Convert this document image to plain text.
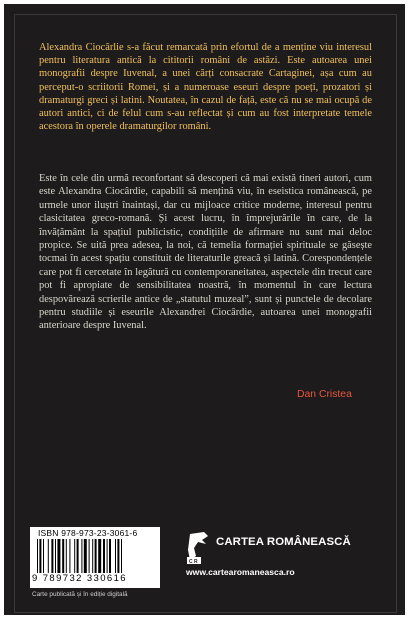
Alexandra Ciocârlie s-a făcut remarcată prin efortul de a menține viu interesul pentru literatura antică la cititorii români de astăzi. Este autoarea unei monografii despre Iuvenal, a unei cărți consacrate Cartaginei, așa cum au perceput-o scriitorii Romei, și a numeroase eseuri despre poeți, prozatori și dramaturgi greci și latini. Noutatea, în cazul de față, este că nu se mai ocupă de autori antici, ci de felul cum s-au reflectat și cum au fost interpretate temele acestora în operele dramaturgilor români.

Este în cele din urmă reconfortant să descoperi că mai există tineri autori, cum este Alexandra Ciocârdie, capabili să mențină viu, în eseistica românească, pe urmele unor iluștri înaintași, dar cu mijloace critice moderne, interesul pentru clasicitatea greco-romană. Și acest lucru, în împrejurările în care, de la învățământ la spațiul publicistic, condițiile de afirmare nu sunt mai deloc propice. Se uită prea adesea, la noi, că temelia formației spirituale se găsește tocmai în acest spațiu constituit de literaturile greacă și latină. Corespondențele care pot fi cercetate în legătură cu contemporaneitatea, aspectele din trecut care pot fi apropiate de sensibilitatea noastră, în momentul în care lectura despovărează scrierile antice de „statutul muzeal”, sunt și punctele de decolare pentru studiile și eseurile Alexandrei Ciocârdie, autoarea unei monografii anterioare despre Iuvenal.

Dan Cristea

ISBN 978-973-23-3061-6
9 789732 330616
Carte publicată și în ediție digitală
C R
CARTEA ROMÂNEASCĂ
www.cartearomaneasca.ro
